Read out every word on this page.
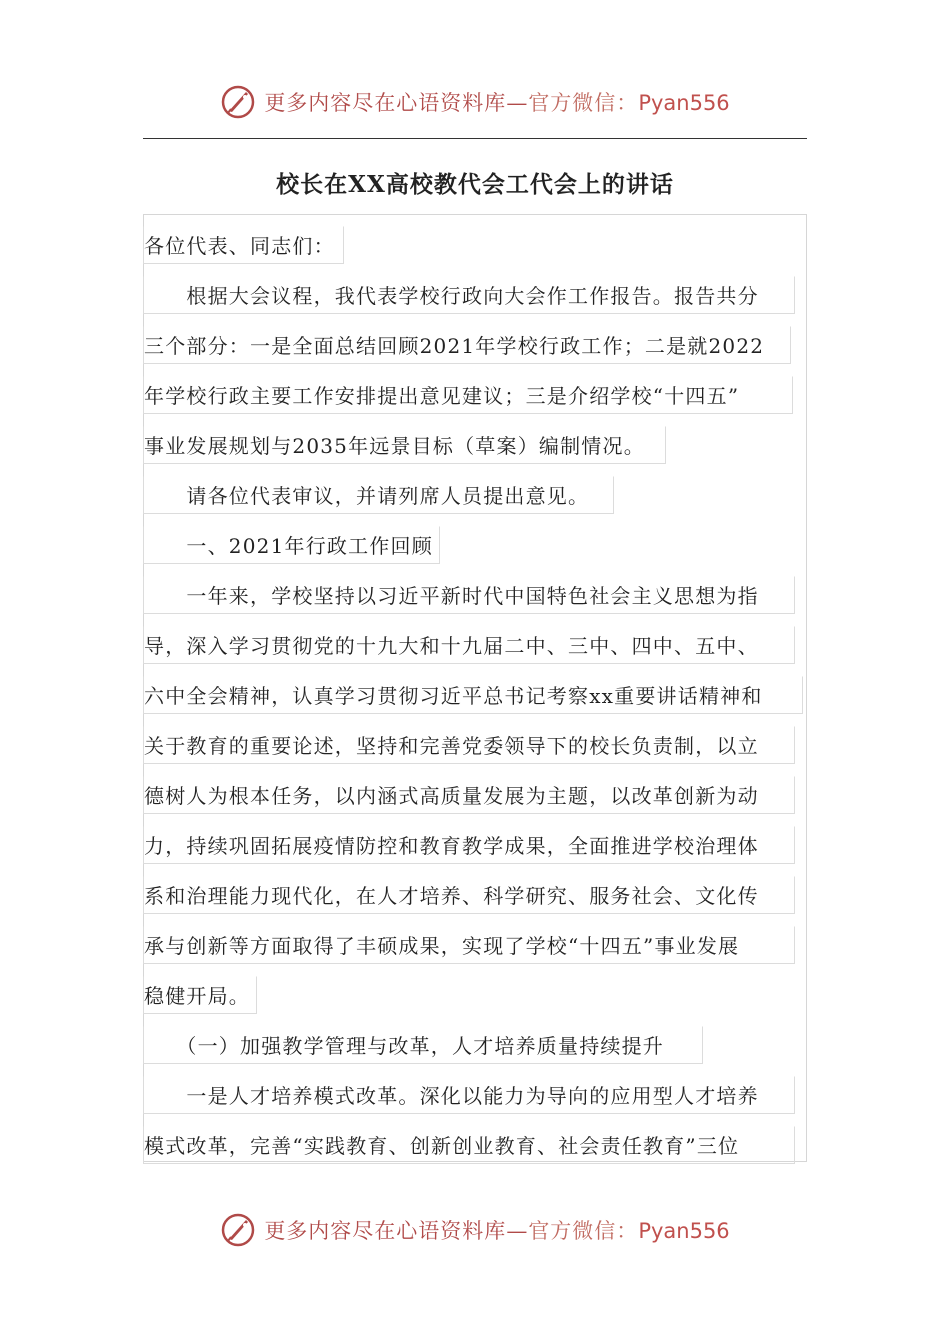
更多内容尽在心语资料库—官方微信：Pyan556
校长在XX高校教代会工代会上的讲话
各位代表、同志们：
　　根据大会议程，我代表学校行政向大会作工作报告。报告共分
三个部分：一是全面总结回顾2021年学校行政工作；二是就2022
年学校行政主要工作安排提出意见建议；三是介绍学校“十四五”
事业发展规划与2035年远景目标（草案）编制情况。
　　请各位代表审议，并请列席人员提出意见。
　　一、2021年行政工作回顾
　　一年来，学校坚持以习近平新时代中国特色社会主义思想为指
导，深入学习贯彻党的十九大和十九届二中、三中、四中、五中、
六中全会精神，认真学习贯彻习近平总书记考察xx重要讲话精神和
关于教育的重要论述，坚持和完善党委领导下的校长负责制，以立
德树人为根本任务，以内涵式高质量发展为主题，以改革创新为动
力，持续巩固拓展疫情防控和教育教学成果，全面推进学校治理体
系和治理能力现代化，在人才培养、科学研究、服务社会、文化传
承与创新等方面取得了丰硕成果，实现了学校“十四五”事业发展
稳健开局。
　　（一）加强教学管理与改革，人才培养质量持续提升
　　一是人才培养模式改革。深化以能力为导向的应用型人才培养
模式改革，完善“实践教育、创新创业教育、社会责任教育”三位
更多内容尽在心语资料库—官方微信：Pyan556
